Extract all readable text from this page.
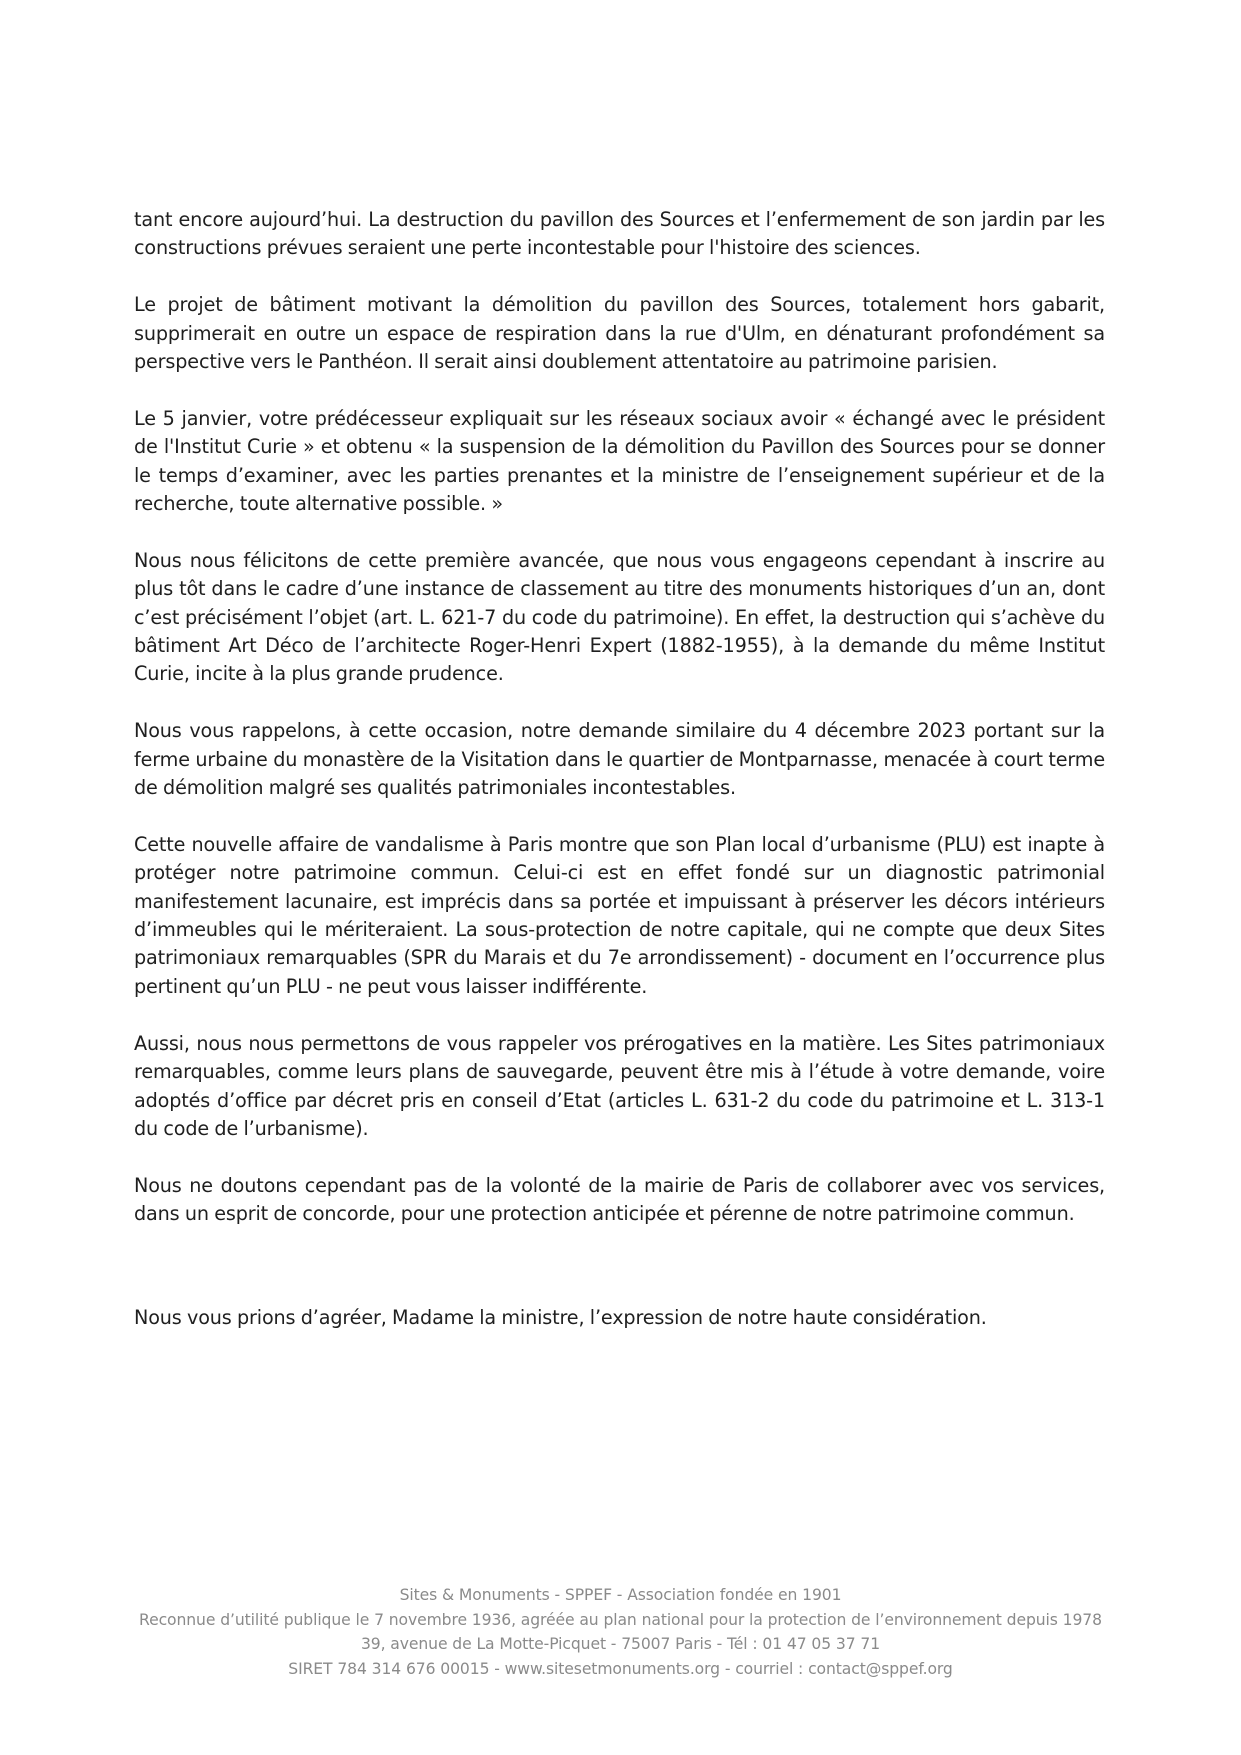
tant encore aujourd’hui. La destruction du pavillon des Sources et l’enfermement de son jardin par les constructions prévues seraient une perte incontestable pour l'histoire des sciences.

Le projet de bâtiment motivant la démolition du pavillon des Sources, totalement hors gabarit, supprimerait en outre un espace de respiration dans la rue d'Ulm, en dénaturant profondément sa perspective vers le Panthéon. Il serait ainsi doublement attentatoire au patrimoine parisien.

Le 5 janvier, votre prédécesseur expliquait sur les réseaux sociaux avoir « échangé avec le président de l'Institut Curie » et obtenu « la suspension de la démolition du Pavillon des Sources pour se donner le temps d’examiner, avec les parties prenantes et la ministre de l’enseignement supérieur et de la recherche, toute alternative possible. »

Nous nous félicitons de cette première avancée, que nous vous engageons cependant à inscrire au plus tôt dans le cadre d’une instance de classement au titre des monuments historiques d’un an, dont c’est précisément l’objet (art. L. 621-7 du code du patrimoine). En effet, la destruction qui s’achève du bâtiment Art Déco de l’architecte Roger-Henri Expert (1882-1955), à la demande du même Institut Curie, incite à la plus grande prudence.

Nous vous rappelons, à cette occasion, notre demande similaire du 4 décembre 2023 portant sur la ferme urbaine du monastère de la Visitation dans le quartier de Montparnasse, menacée à court terme de démolition malgré ses qualités patrimoniales incontestables.

Cette nouvelle affaire de vandalisme à Paris montre que son Plan local d’urbanisme (PLU) est inapte à protéger notre patrimoine commun. Celui-ci est en effet fondé sur un diagnostic patrimonial manifestement lacunaire, est imprécis dans sa portée et impuissant à préserver les décors intérieurs d’immeubles qui le mériteraient. La sous-protection de notre capitale, qui ne compte que deux Sites patrimoniaux remarquables (SPR du Marais et du 7e arrondissement) - document en l’occurrence plus pertinent qu’un PLU - ne peut vous laisser indifférente.

Aussi, nous nous permettons de vous rappeler vos prérogatives en la matière. Les Sites patrimoniaux remarquables, comme leurs plans de sauvegarde, peuvent être mis à l’étude à votre demande, voire adoptés d’office par décret pris en conseil d’Etat (articles L. 631-2 du code du patrimoine et L. 313-1 du code de l’urbanisme).

Nous ne doutons cependant pas de la volonté de la mairie de Paris de collaborer avec vos services, dans un esprit de concorde, pour une protection anticipée et pérenne de notre patrimoine commun.

Nous vous prions d’agréer, Madame la ministre, l’expression de notre haute considération.

Sites & Monuments - SPPEF - Association fondée en 1901
Reconnue d’utilité publique le 7 novembre 1936, agréée au plan national pour la protection de l’environnement depuis 1978
39, avenue de La Motte-Picquet - 75007 Paris - Tél : 01 47 05 37 71
SIRET 784 314 676 00015 - www.sitesetmonuments.org - courriel : contact@sppef.org
